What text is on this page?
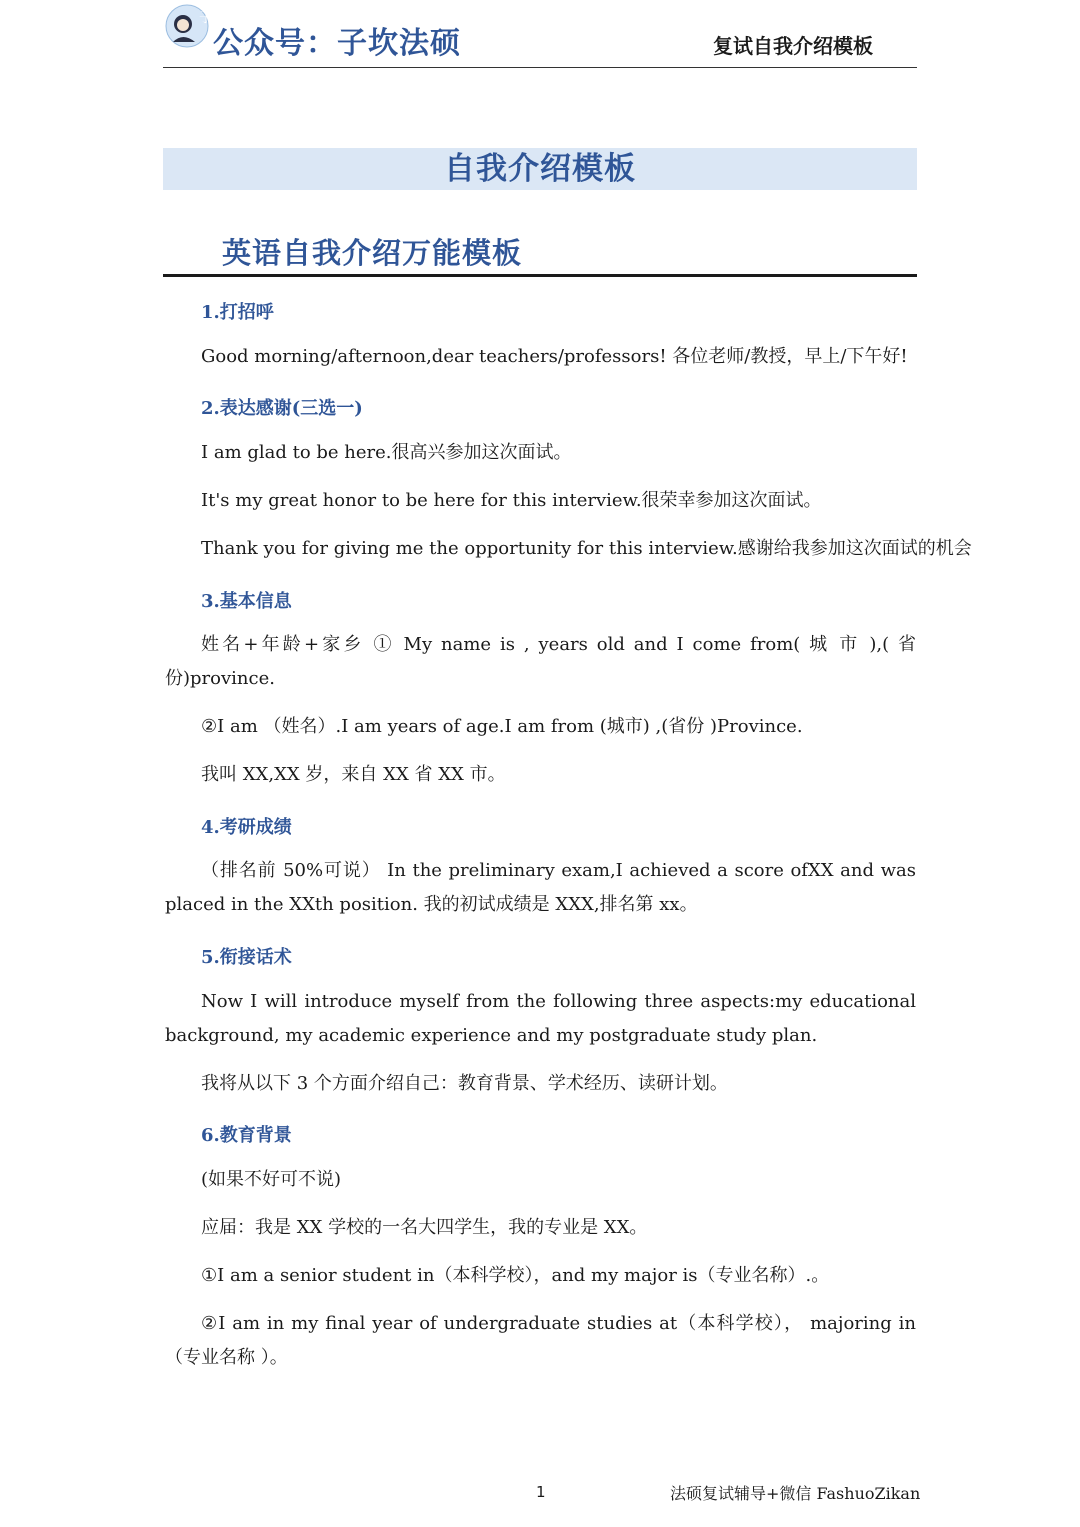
子
公众号：子坎法硕	复试自我介绍模板
自我介绍模板
英语自我介绍万能模板
1.打招呼
Good morning/afternoon,dear teachers/professors! 各位老师/教授，早上/下午好!
2.表达感谢(三选一)
I am glad to be here.很高兴参加这次面试。
It's my great honor to be here for this interview.很荣幸参加这次面试。
Thank you for giving me the opportunity for this interview.感谢给我参加这次面试的机会
3.基本信息
姓名+年龄+家乡 ① My name is , years old and I come from( 城 市 ),( 省份)province.
②I am （姓名）.I am years of age.I am from (城市) ,(省份 )Province.
我叫 XX,XX 岁，来自 XX 省 XX 市。
4.考研成绩
（排名前 50%可说） In the preliminary exam,I achieved a score ofXX and was placed in the XXth position. 我的初试成绩是 XXX,排名第 xx。
5.衔接话术
Now I will introduce myself from the following three aspects:my educational background, my academic experience and my postgraduate study plan.
我将从以下 3 个方面介绍自己：教育背景、学术经历、读研计划。
6.教育背景
(如果不好可不说)
应届：我是 XX 学校的一名大四学生，我的专业是 XX。
①I am a senior student in（本科学校），and my major is（专业名称）.。
②I am in my final year of undergraduate studies at（本科学校）， majoring in（专业名称 ）。
1	法硕复试辅导+微信 FashuoZikan
